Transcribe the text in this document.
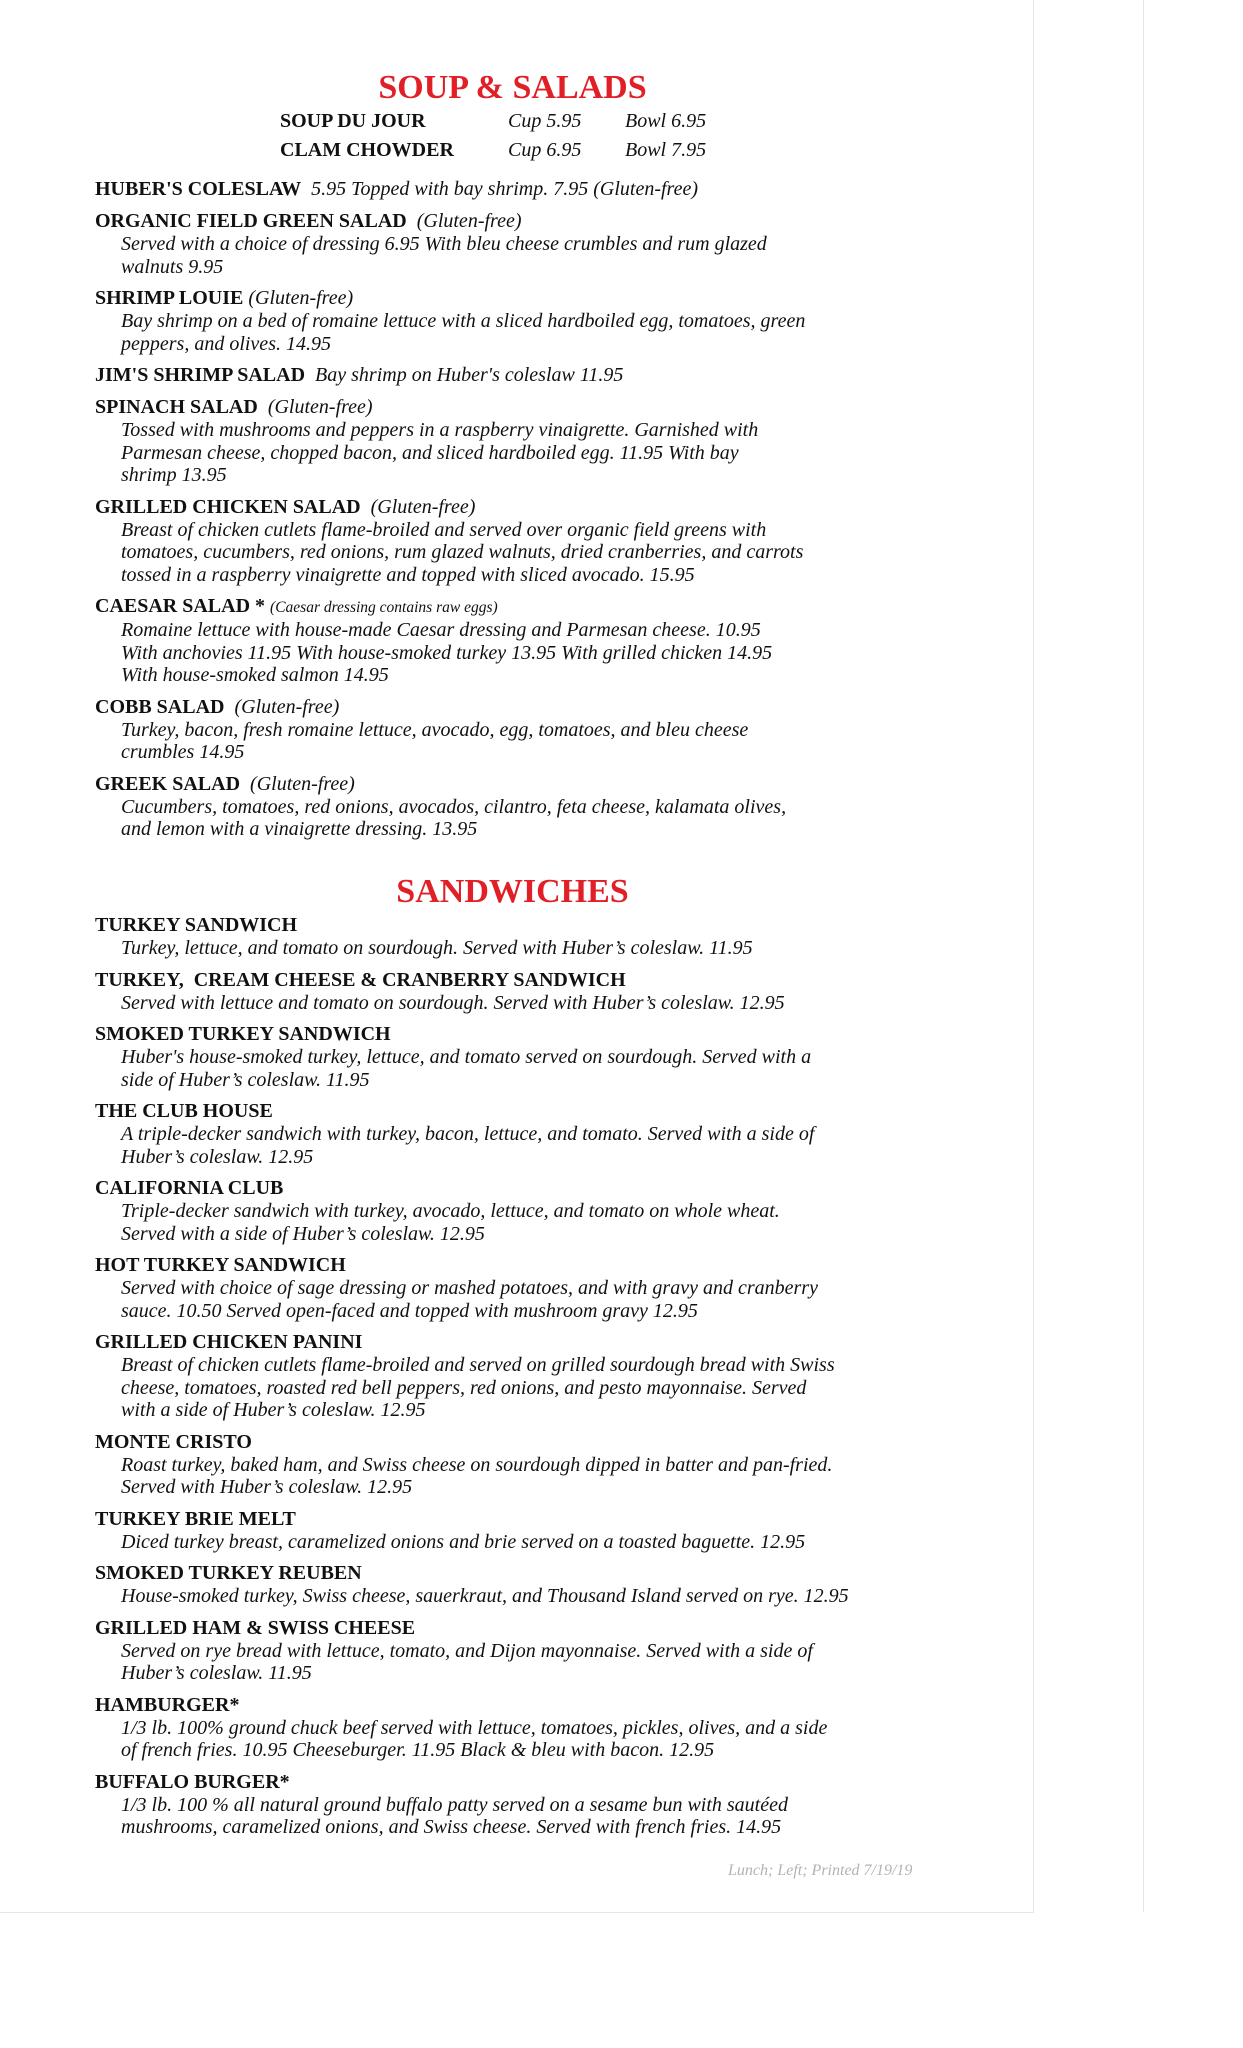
SOUP & SALADS
SOUP DU JOUR	Cup 5.95 Bowl 6.95
CLAM CHOWDER	Cup 6.95 Bowl 7.95
HUBER'S COLESLAW 5.95 Topped with bay shrimp. 7.95 (Gluten-free)
ORGANIC FIELD GREEN SALAD (Gluten-free)
Served with a choice of dressing 6.95 With bleu cheese crumbles and rum glazed
walnuts 9.95
SHRIMP LOUIE (Gluten-free)
Bay shrimp on a bed of romaine lettuce with a sliced hardboiled egg, tomatoes, green
peppers, and olives. 14.95
JIM'S SHRIMP SALAD Bay shrimp on Huber's coleslaw 11.95
SPINACH SALAD (Gluten-free)
Tossed with mushrooms and peppers in a raspberry vinaigrette. Garnished with
Parmesan cheese, chopped bacon, and sliced hardboiled egg. 11.95 With bay
shrimp 13.95
GRILLED CHICKEN SALAD (Gluten-free)
Breast of chicken cutlets flame-broiled and served over organic field greens with
tomatoes, cucumbers, red onions, rum glazed walnuts, dried cranberries, and carrots
tossed in a raspberry vinaigrette and topped with sliced avocado. 15.95
CAESAR SALAD * (Caesar dressing contains raw eggs)
Romaine lettuce with house-made Caesar dressing and Parmesan cheese. 10.95
With anchovies 11.95 With house-smoked turkey 13.95 With grilled chicken 14.95
With house-smoked salmon 14.95
COBB SALAD (Gluten-free)
Turkey, bacon, fresh romaine lettuce, avocado, egg, tomatoes, and bleu cheese
crumbles 14.95
GREEK SALAD (Gluten-free)
Cucumbers, tomatoes, red onions, avocados, cilantro, feta cheese, kalamata olives,
and lemon with a vinaigrette dressing. 13.95
SANDWICHES
TURKEY SANDWICH
Turkey, lettuce, and tomato on sourdough. Served with Huber’s coleslaw. 11.95
TURKEY,  CREAM CHEESE & CRANBERRY SANDWICH
Served with lettuce and tomato on sourdough. Served with Huber’s coleslaw. 12.95
SMOKED TURKEY SANDWICH
Huber's house-smoked turkey, lettuce, and tomato served on sourdough. Served with a
side of Huber’s coleslaw. 11.95
THE CLUB HOUSE
A triple-decker sandwich with turkey, bacon, lettuce, and tomato. Served with a side of
Huber’s coleslaw. 12.95
CALIFORNIA CLUB
Triple-decker sandwich with turkey, avocado, lettuce, and tomato on whole wheat.
Served with a side of Huber’s coleslaw. 12.95
HOT TURKEY SANDWICH
Served with choice of sage dressing or mashed potatoes, and with gravy and cranberry
sauce. 10.50 Served open-faced and topped with mushroom gravy 12.95
GRILLED CHICKEN PANINI
Breast of chicken cutlets flame-broiled and served on grilled sourdough bread with Swiss
cheese, tomatoes, roasted red bell peppers, red onions, and pesto mayonnaise. Served
with a side of Huber’s coleslaw. 12.95
MONTE CRISTO
Roast turkey, baked ham, and Swiss cheese on sourdough dipped in batter and pan-fried.
Served with Huber’s coleslaw. 12.95
TURKEY BRIE MELT
Diced turkey breast, caramelized onions and brie served on a toasted baguette. 12.95
SMOKED TURKEY REUBEN
House-smoked turkey, Swiss cheese, sauerkraut, and Thousand Island served on rye. 12.95
GRILLED HAM & SWISS CHEESE
Served on rye bread with lettuce, tomato, and Dijon mayonnaise. Served with a side of
Huber’s coleslaw. 11.95
HAMBURGER*
1/3 lb. 100% ground chuck beef served with lettuce, tomatoes, pickles, olives, and a side
of french fries. 10.95 Cheeseburger. 11.95 Black & bleu with bacon. 12.95
BUFFALO BURGER*
1/3 lb. 100 % all natural ground buffalo patty served on a sesame bun with sautéed
mushrooms, caramelized onions, and Swiss cheese. Served with french fries. 14.95
Lunch; Left; Printed 7/19/19
